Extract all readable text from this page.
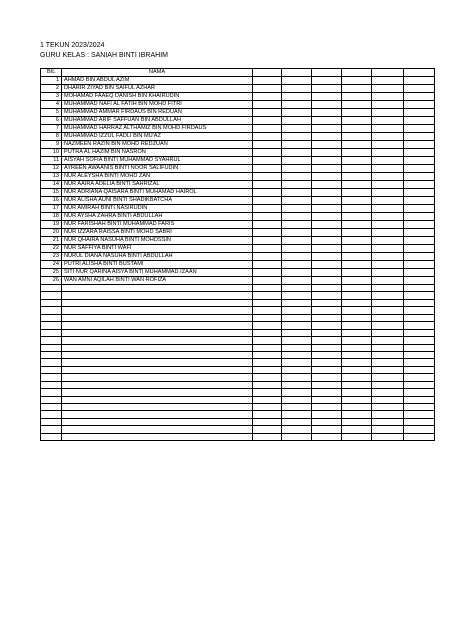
1 TEKUN 2023/2024
GURU KELAS : SANIAH BINTI IBRAHIM
BIL	NAMA						
1	AHMAD BIN ABDUL AZIM						
2	DHARIR ZIYAD BIN SAIFUL AZHAR						
3	MOHAMAD FAAEQ DANISH BIN KHAIRUDIN						
4	MUHAMMAD NAFI AL FATIH BIN MOHD FITRI						
5	MUHAMMAD AMMAR FIRDAUS BIN REDUAN						
6	MUHAMMAD ARIF SAFFUAN BIN ABDULLAH						
7	MUHAMMAD HARRAZ ALTHAMIZ BIN MOHD FIRDAUS						
8	MUHAMMAD IZZUL FADLI BIN MU'AZ						
9	NAZMEEN RAZIN BIN MOHD REDZUAN						
10	PUTRA AL HAZIM BIN NASRON						
11	AISYAH SOFIA BINTI MUHAMMAD SYAHRUL						
12	AYREEN AWAANIS BINTI NOOR SALIFUDIN						
13	NUR ALEYSHA BINTI MOHD ZAN						
14	NUR AAIRA ADELIA BINTI SAHRIZAL						
15	NUR ADRIANA QAISARA BINTI MUHAMAD HAIROL						
16	NUR ALISHA AUNI BINTI SHADIKBATCHA						
17	NUR AMIRAH BINTI NASIRUDIN						
18	NUR AYSHA ZAHRA BINTI ABDULLAH						
19	NUR FARISHAH BINTI MUHAMMAD FARIS						
20	NUR IZZARA RAISSA BINTI MOHD SABRI						
21	NUR QHAIRA NASUHA BINTI MOHDSSIN						
22	NUR SAFFIYA BINTI WAFI						
23	NURUL DIANA NASUHA BINTI ABDULLAH						
24	PUTRI ALISHA BINTI BUSTAMI						
25	SITI NUR QARINA AISYA BINTI MUHAMMAD IZAAN						
26	WAN AMNI AQILAH BINTI WAN ROFIZA						
